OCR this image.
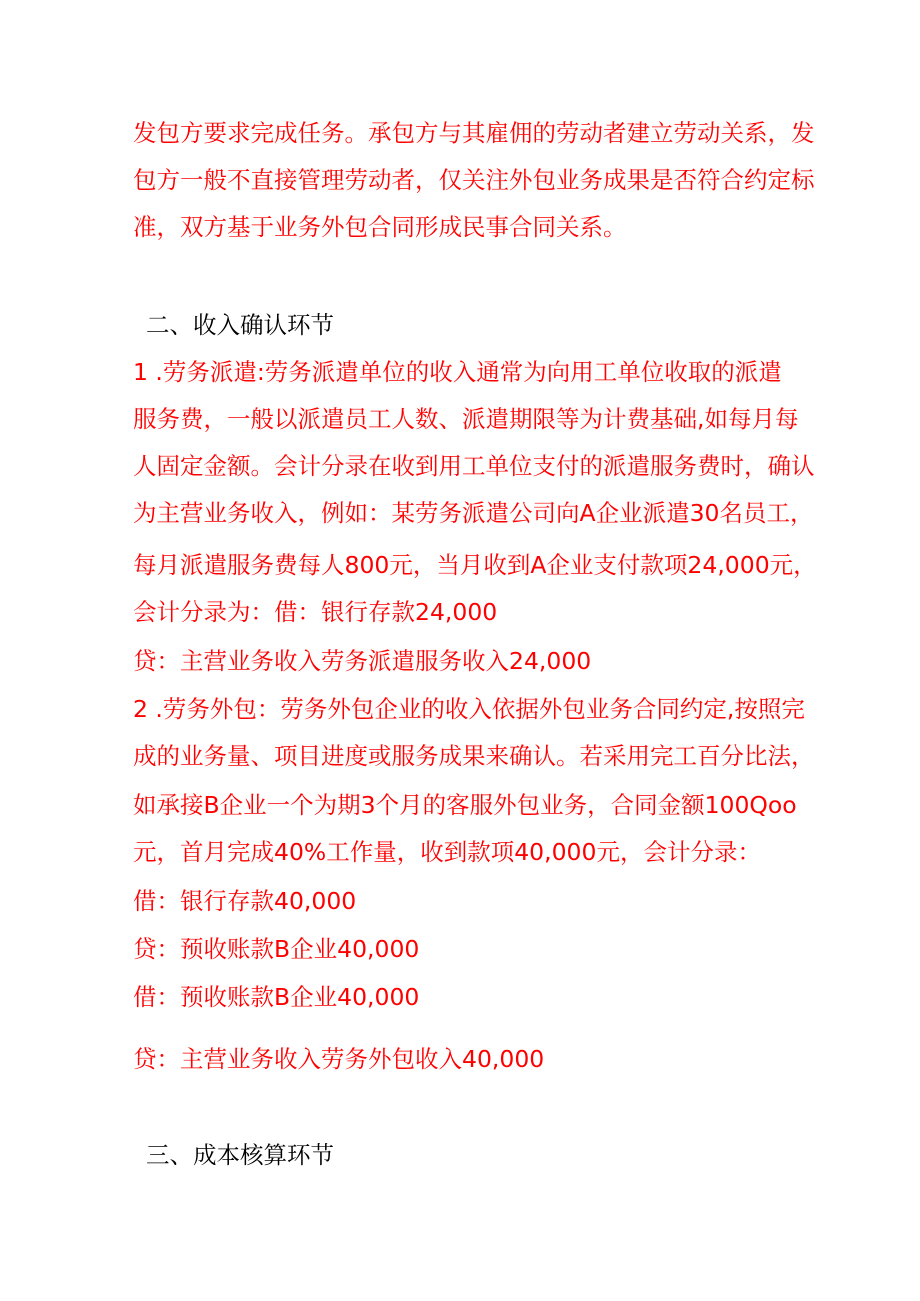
发包方要求完成任务。承包方与其雇佣的劳动者建立劳动关系，发
包方一般不直接管理劳动者，仅关注外包业务成果是否符合约定标
准，双方基于业务外包合同形成民事合同关系。
二、收入确认环节
1 .劳务派遣:劳务派遣单位的收入通常为向用工单位收取的派遣
服务费，一般以派遣员工人数、派遣期限等为计费基础,如每月每
人固定金额。会计分录在收到用工单位支付的派遣服务费时，确认
为主营业务收入，例如：某劳务派遣公司向A企业派遣30名员工，
每月派遣服务费每人800元，当月收到A企业支付款项24,000元，
会计分录为：借：银行存款24,000
贷：主营业务收入劳务派遣服务收入24,000
2 .劳务外包：劳务外包企业的收入依据外包业务合同约定,按照完
成的业务量、项目进度或服务成果来确认。若采用完工百分比法，
如承接B企业一个为期3个月的客服外包业务，合同金额100Qoo
元，首月完成40%工作量，收到款项40,000元，会计分录：
借：银行存款40,000
贷：预收账款B企业40,000
借：预收账款B企业40,000
贷：主营业务收入劳务外包收入40,000
三、成本核算环节
